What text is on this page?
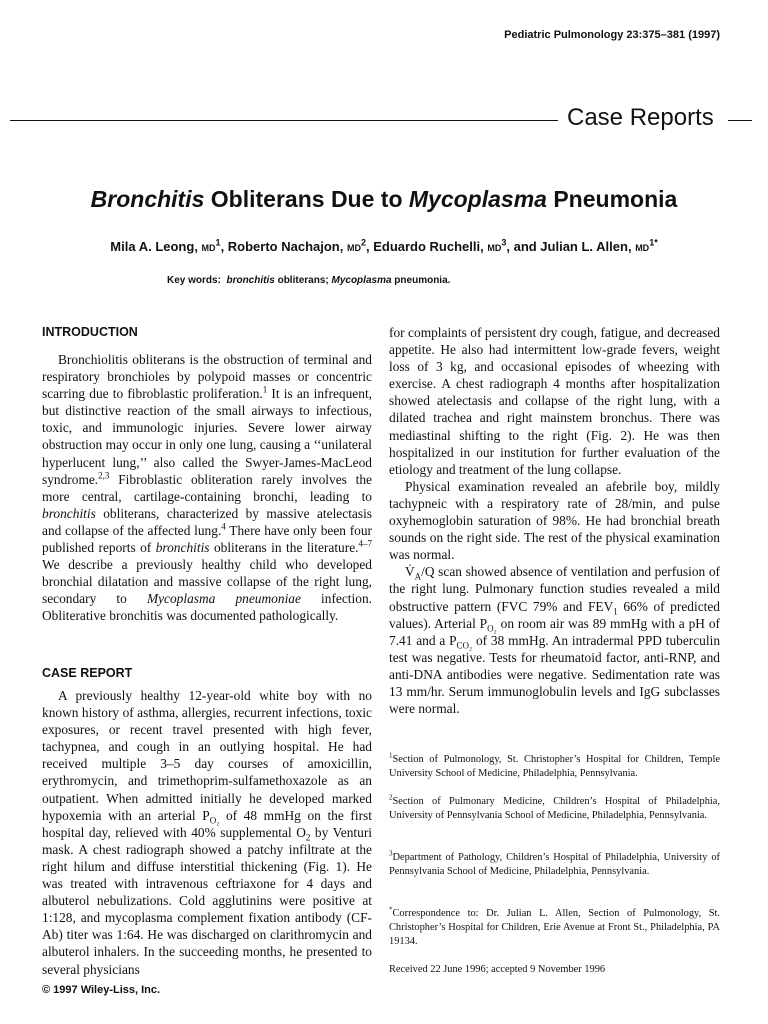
Pediatric Pulmonology 23:375–381 (1997)
Case Reports
Bronchitis Obliterans Due to Mycoplasma Pneumonia
Mila A. Leong, $MD^1$, Roberto Nachajon, $MD^2$, Eduardo Ruchelli, $MD^3$, and Julian L. Allen, $MD^{1*}$
Key words: bronchitis obliterans; Mycoplasma pneumonia.
INTRODUCTION

Bronchiolitis obliterans is the obstruction of terminal and respiratory bronchioles by polypoid masses or concentric scarring due to fibroblastic proliferation.$^1$ It is an infrequent, but distinctive reaction of the small airways to infectious, toxic, and immunologic injuries. Severe lower airway obstruction may occur in only one lung, causing a ‘‘unilateral hyperlucent lung,’’ also called the Swyer-James-MacLeod syndrome.$^{2,3}$ Fibroblastic obliteration rarely involves the more central, cartilage-containing bronchi, leading to bronchitis obliterans, characterized by massive atelectasis and collapse of the affected lung.$^4$ There have only been four published reports of bronchitis obliterans in the literature.$^{4-7}$ We describe a previously healthy child who developed bronchial dilatation and massive collapse of the right lung, secondary to Mycoplasma pneumoniae infection. Obliterative bronchitis was documented pathologically.

CASE REPORT

A previously healthy 12-year-old white boy with no known history of asthma, allergies, recurrent infections, toxic exposures, or recent travel presented with high fever, tachypnea, and cough in an outlying hospital. He had received multiple 3–5 day courses of amoxicillin, erythromycin, and trimethoprim-sulfamethoxazole as an outpatient. When admitted initially he developed marked hypoxemia with an arterial $P_{O_2}$ of 48 mmHg on the first hospital day, relieved with 40% supplemental $O_2$ by Venturi mask. A chest radiograph showed a patchy infiltrate at the right hilum and diffuse interstitial thickening (Fig. 1). He was treated with intravenous ceftriaxone for 4 days and albuterol nebulizations. Cold agglutinins were positive at 1:128, and mycoplasma complement fixation antibody (CF-Ab) titer was 1:64. He was discharged on clarithromycin and albuterol inhalers. In the succeeding months, he presented to several physicians

for complaints of persistent dry cough, fatigue, and decreased appetite. He also had intermittent low-grade fevers, weight loss of 3 kg, and occasional episodes of wheezing with exercise. A chest radiograph 4 months after hospitalization showed atelectasis and collapse of the right lung, with a dilated trachea and right mainstem bronchus. There was mediastinal shifting to the right (Fig. 2). He was then hospitalized in our institution for further evaluation of the etiology and treatment of the lung collapse.

Physical examination revealed an afebrile boy, mildly tachypneic with a respiratory rate of 28/min, and pulse oxyhemoglobin saturation of 98%. He had bronchial breath sounds on the right side. The rest of the physical examination was normal.

$V̇_A/Q$ scan showed absence of ventilation and perfusion of the right lung. Pulmonary function studies revealed a mild obstructive pattern (FVC 79% and $FEV_1$ 66% of predicted values). Arterial $P_{O_2}$ on room air was 89 mmHg with a pH of 7.41 and a $P_{CO_2}$ of 38 mmHg. An intradermal PPD tuberculin test was negative. Tests for rheumatoid factor, anti-RNP, and anti-DNA antibodies were negative. Sedimentation rate was 13 mm/hr. Serum immunoglobulin levels and IgG subclasses were normal.

$^1$Section of Pulmonology, St. Christopher’s Hospital for Children, Temple University School of Medicine, Philadelphia, Pennsylvania.
$^2$Section of Pulmonary Medicine, Children’s Hospital of Philadelphia, University of Pennsylvania School of Medicine, Philadelphia, Pennsylvania.
$^3$Department of Pathology, Children’s Hospital of Philadelphia, University of Pennsylvania School of Medicine, Philadelphia, Pennsylvania.
*Correspondence to: Dr. Julian L. Allen, Section of Pulmonology, St. Christopher’s Hospital for Children, Erie Avenue at Front St., Philadelphia, PA 19134.
Received 22 June 1996; accepted 9 November 1996
© 1997 Wiley-Liss, Inc.
